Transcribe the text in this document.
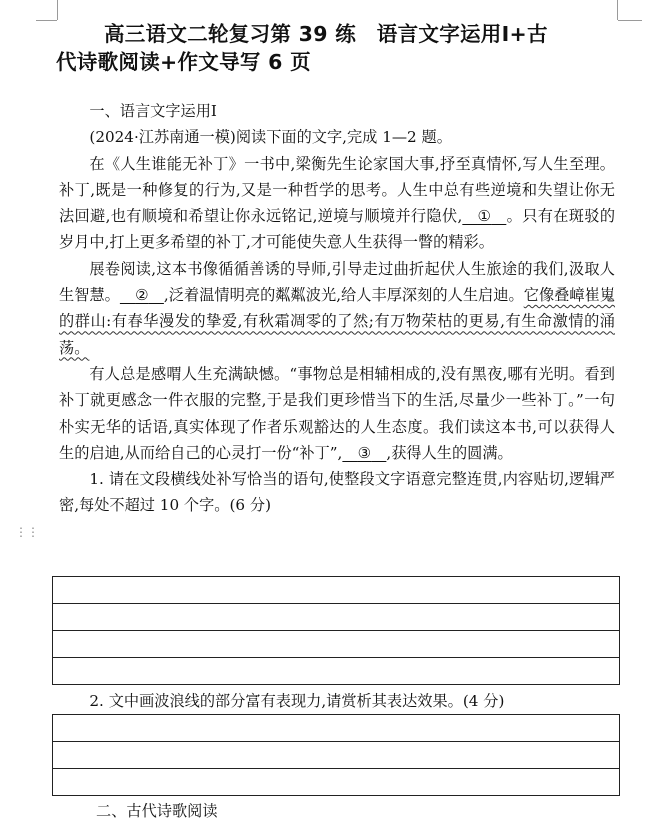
高三语文二轮复习第 39 练　语言文字运用Ⅰ+古
代诗歌阅读+作文导写 6 页

一、语言文字运用Ⅰ

(2024·江苏南通一模)阅读下面的文字,完成 1—2 题。

在《人生谁能无补丁》一书中,梁衡先生论家国大事,抒至真情怀,写人生至理。补丁,既是一种修复的行为,又是一种哲学的思考。人生中总有些逆境和失望让你无法回避,也有顺境和希望让你永远铭记,逆境与顺境并行隐伏,   ①   。只有在斑驳的岁月中,打上更多希望的补丁,才可能使失意人生获得一瞥的精彩。

展卷阅读,这本书像循循善诱的导师,引导走过曲折起伏人生旅途的我们,汲取人生智慧。   ②   ,泛着温情明亮的粼粼波光,给人丰厚深刻的人生启迪。它像叠嶂崔嵬的群山:有春华漫发的挚爱,有秋霜凋零的了然;有万物荣枯的更易,有生命激情的涌荡。

有人总是感喟人生充满缺憾。“事物总是相辅相成的,没有黑夜,哪有光明。看到补丁就更感念一件衣服的完整,于是我们更珍惜当下的生活,尽量少一些补丁。”一句朴实无华的话语,真实体现了作者乐观豁达的人生态度。我们读这本书,可以获得人生的启迪,从而给自己的心灵打一份“补丁”,   ③   ,获得人生的圆满。

1. 请在文段横线处补写恰当的语句,使整段文字语意完整连贯,内容贴切,逻辑严密,每处不超过 10 个字。(6 分)

⋮⋮

2. 文中画波浪线的部分富有表现力,请赏析其表达效果。(4 分)

二、古代诗歌阅读
